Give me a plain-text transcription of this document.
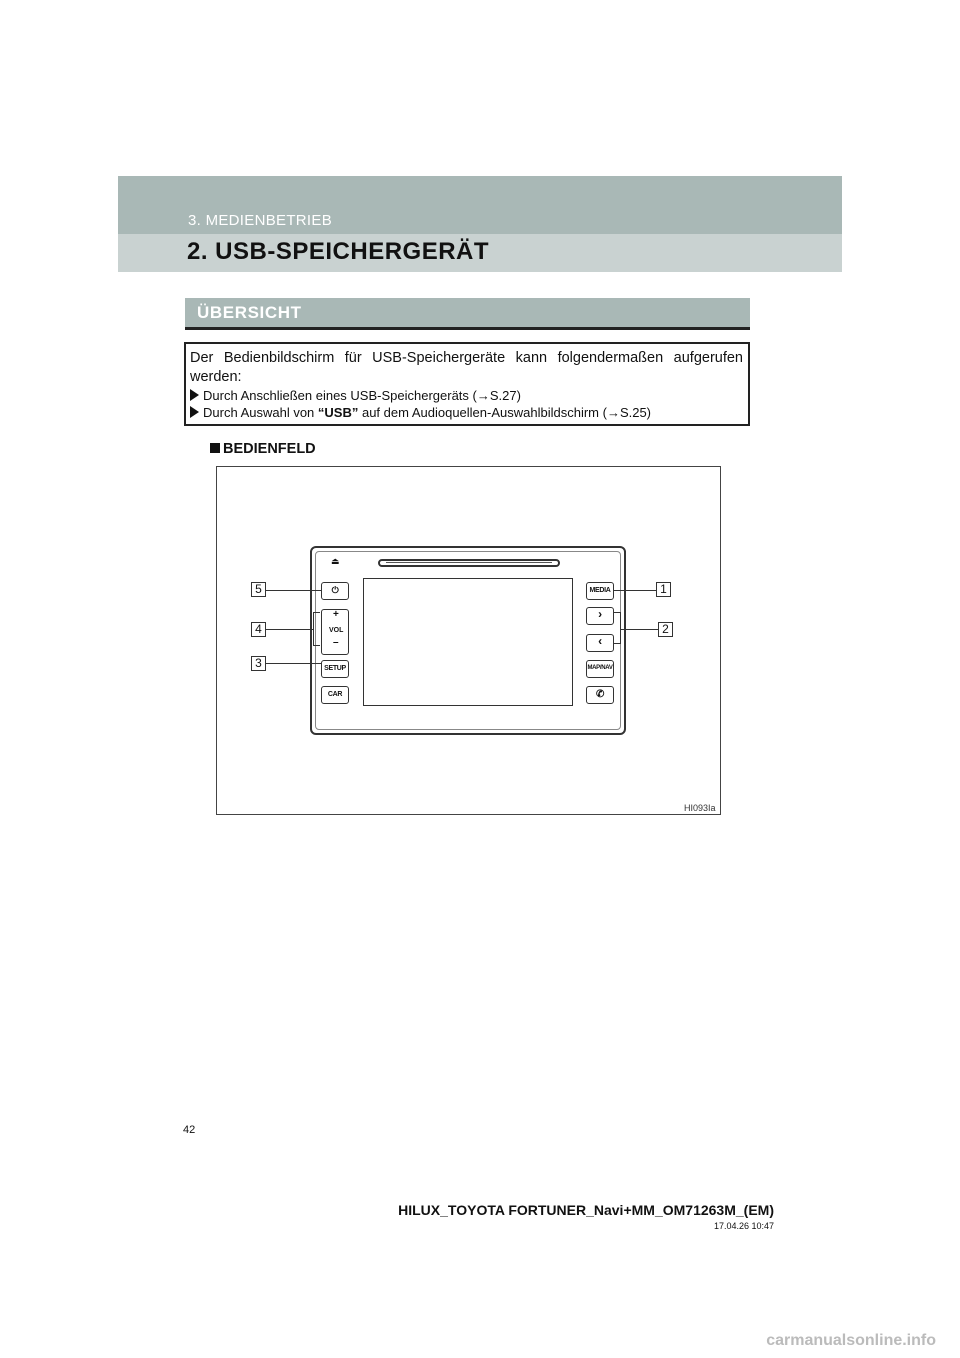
3. MEDIENBETRIEB
2. USB-SPEICHERGERÄT
ÜBERSICHT
Der Bedienbildschirm für USB-Speichergeräte kann folgendermaßen aufgerufen werden:
Durch Anschließen eines USB-Speichergeräts (→S.27)
Durch Auswahl von “USB” auf dem Audioquellen-Auswahlbildschirm (→S.25)
BEDIENFELD
HI093Ia
⏏
⏻
+
VOL
–
SETUP
CAR
MEDIA
›
‹
MAP/NAV
✆
1
2
3
4
5
42
HILUX_TOYOTA FORTUNER_Navi+MM_OM71263M_(EM)
17.04.26 10:47
carmanualsonline.info
